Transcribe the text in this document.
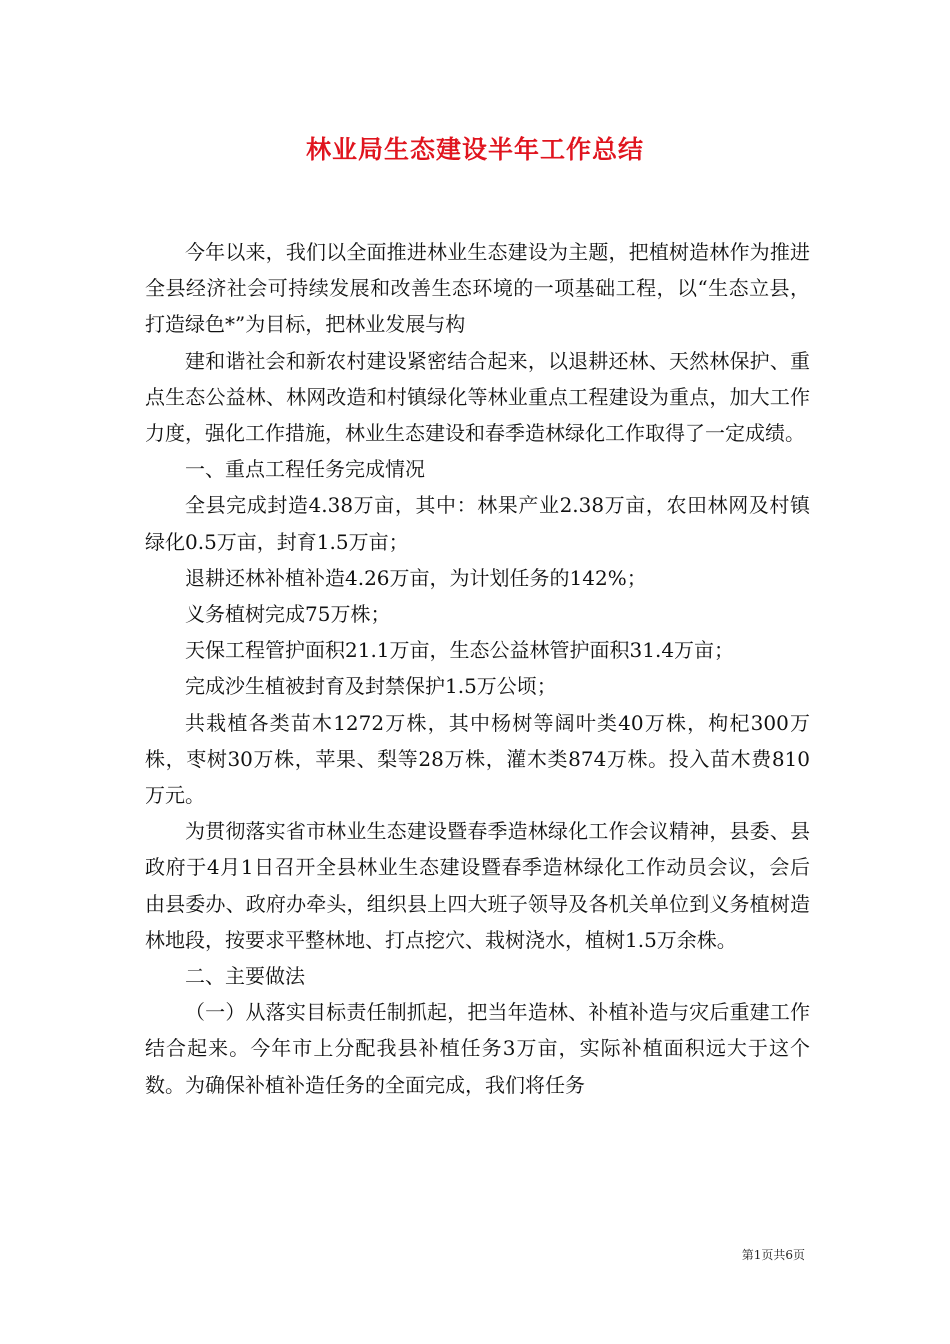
林业局生态建设半年工作总结

今年以来，我们以全面推进林业生态建设为主题，把植树造林作为推进全县经济社会可持续发展和改善生态环境的一项基础工程，以“生态立县，打造绿色*”为目标，把林业发展与构

建和谐社会和新农村建设紧密结合起来，以退耕还林、天然林保护、重点生态公益林、林网改造和村镇绿化等林业重点工程建设为重点，加大工作力度，强化工作措施，林业生态建设和春季造林绿化工作取得了一定成绩。

一、重点工程任务完成情况

全县完成封造4.38万亩，其中：林果产业2.38万亩，农田林网及村镇绿化0.5万亩，封育1.5万亩；

退耕还林补植补造4.26万亩，为计划任务的142%；

义务植树完成75万株；

天保工程管护面积21.1万亩，生态公益林管护面积31.4万亩；

完成沙生植被封育及封禁保护1.5万公顷；

共栽植各类苗木1272万株，其中杨树等阔叶类40万株，枸杞300万株，枣树30万株，苹果、梨等28万株，灌木类874万株。投入苗木费810万元。

为贯彻落实省市林业生态建设暨春季造林绿化工作会议精神，县委、县政府于4月1日召开全县林业生态建设暨春季造林绿化工作动员会议，会后由县委办、政府办牵头，组织县上四大班子领导及各机关单位到义务植树造林地段，按要求平整林地、打点挖穴、栽树浇水，植树1.5万余株。

二、主要做法

（一）从落实目标责任制抓起，把当年造林、补植补造与灾后重建工作结合起来。今年市上分配我县补植任务3万亩，实际补植面积远大于这个数。为确保补植补造任务的全面完成，我们将任务

第1页共6页
